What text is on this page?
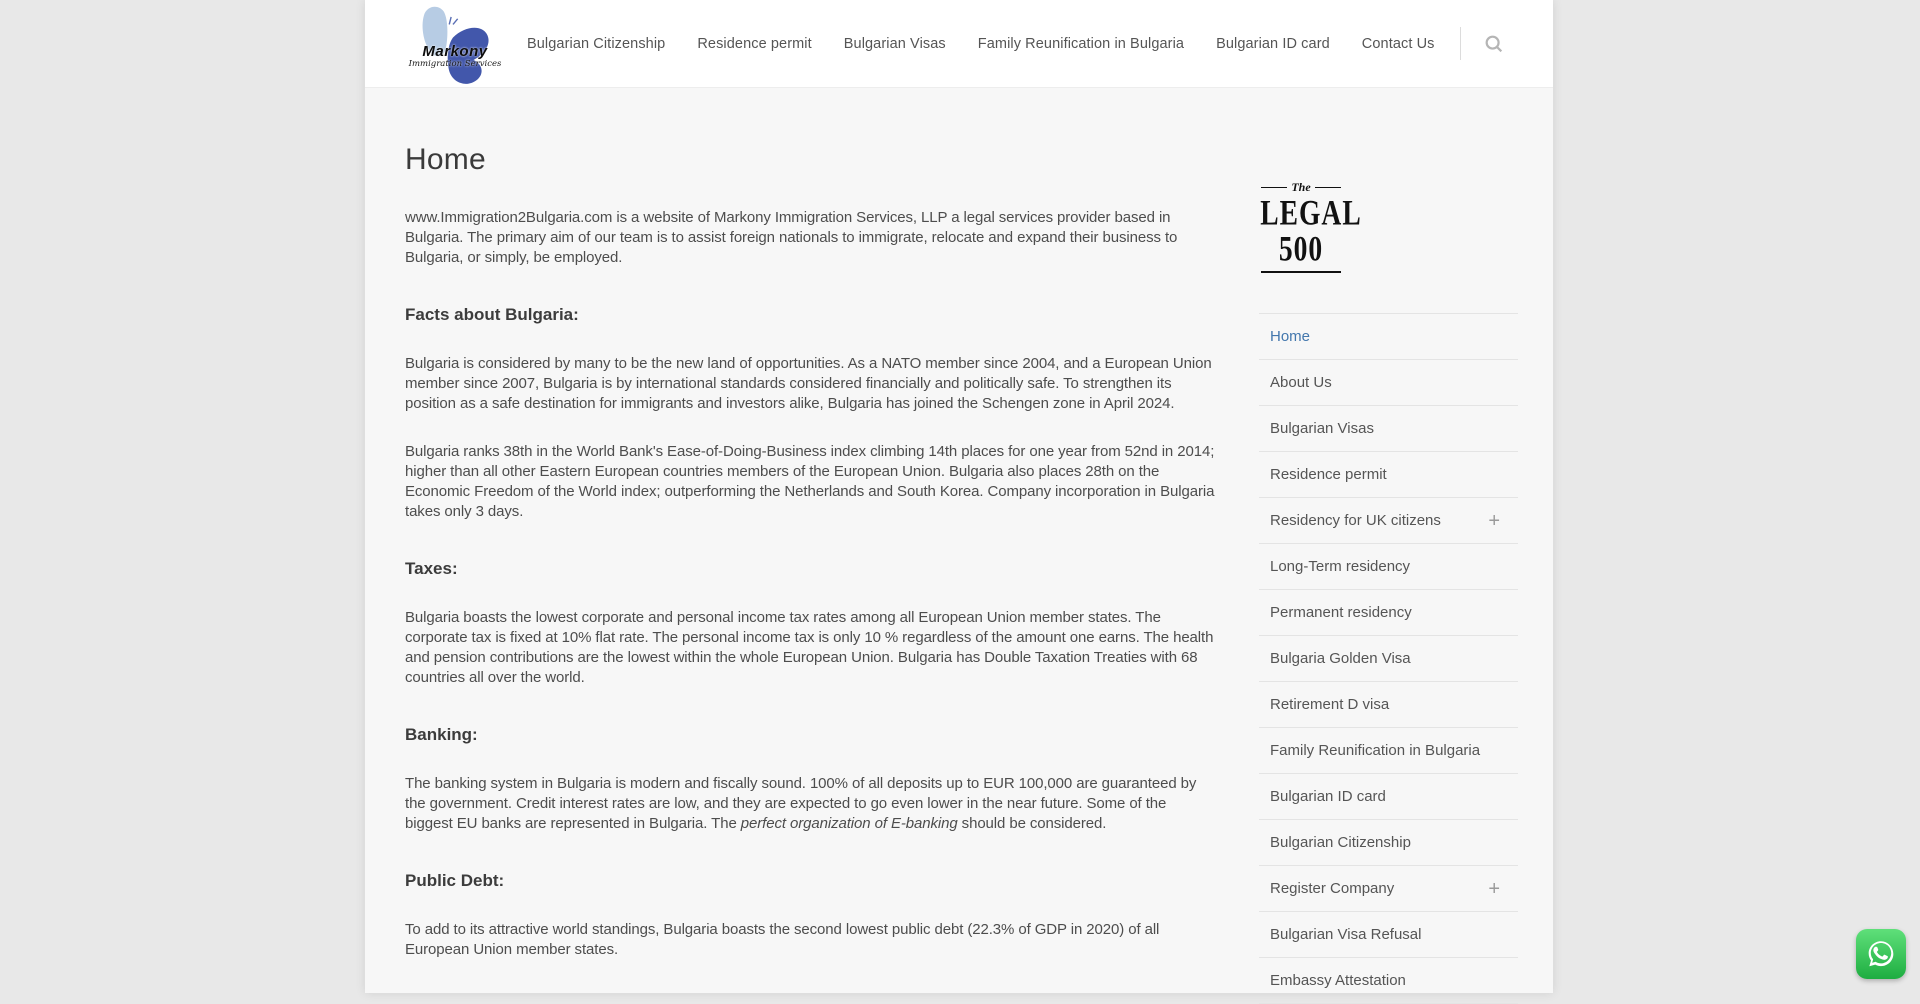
Markony
Immigration Services
Bulgarian Citizenship Residence permit Bulgarian Visas Family Reunification in Bulgaria Bulgarian ID card Contact Us
Home

www.Immigration2Bulgaria.com is a website of Markony Immigration Services, LLP a legal services provider based in Bulgaria. The primary aim of our team is to assist foreign nationals to immigrate, relocate and expand their business to Bulgaria, or simply, be employed.

Facts about Bulgaria:

Bulgaria is considered by many to be the new land of opportunities. As a NATO member since 2004, and a European Union member since 2007, Bulgaria is by international standards considered financially and politically safe. To strengthen its position as a safe destination for immigrants and investors alike, Bulgaria has joined the Schengen zone in April 2024.

Bulgaria ranks 38th in the World Bank's Ease-of-Doing-Business index climbing 14th places for one year from 52nd in 2014; higher than all other Eastern European countries members of the European Union. Bulgaria also places 28th on the Economic Freedom of the World index; outperforming the Netherlands and South Korea. Company incorporation in Bulgaria takes only 3 days.

Taxes:

Bulgaria boasts the lowest corporate and personal income tax rates among all European Union member states. The corporate tax is fixed at 10% flat rate. The personal income tax is only 10 % regardless of the amount one earns. The health and pension contributions are the lowest within the whole European Union. Bulgaria has Double Taxation Treaties with 68 countries all over the world.

Banking:

The banking system in Bulgaria is modern and fiscally sound. 100% of all deposits up to EUR 100,000 are guaranteed by the government. Credit interest rates are low, and they are expected to go even lower in the near future. Some of the biggest EU banks are represented in Bulgaria. The perfect organization of E-banking should be considered.

Public Debt:

To add to its attractive world standings, Bulgaria boasts the second lowest public debt (22.3% of GDP in 2020) of all European Union member states.

The
LEGAL
500
Home
About Us
Bulgarian Visas
Residence permit
Residency for UK citizens +
Long-Term residency
Permanent residency
Bulgaria Golden Visa
Retirement D visa
Family Reunification in Bulgaria
Bulgarian ID card
Bulgarian Citizenship
Register Company	+
Bulgarian Visa Refusal
Embassy Attestation
